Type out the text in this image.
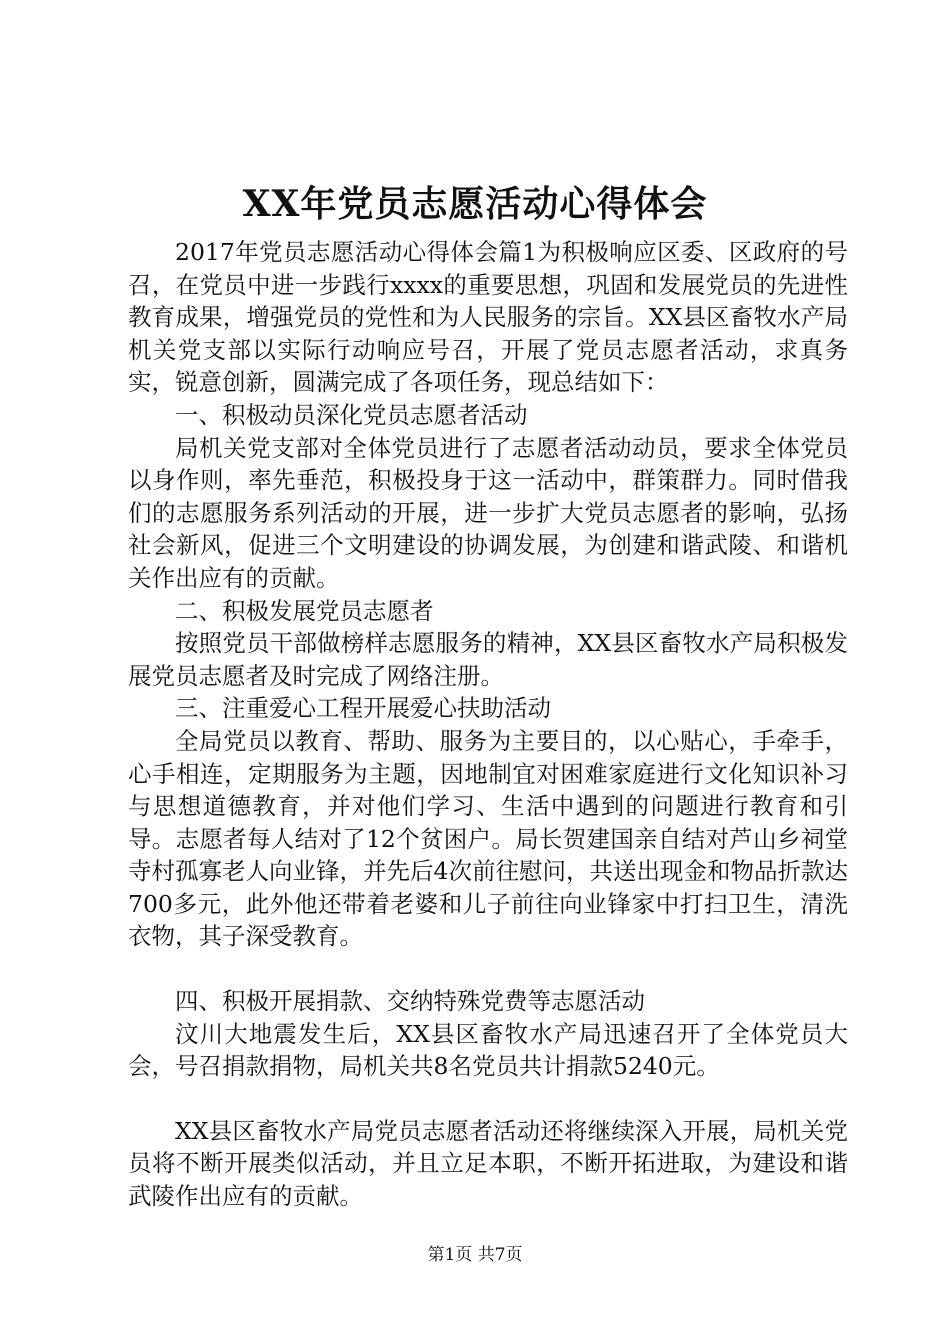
XX年党员志愿活动心得体会

2017年党员志愿活动心得体会篇1为积极响应区委、区政府的号召，在党员中进一步践行xxxx的重要思想，巩固和发展党员的先进性教育成果，增强党员的党性和为人民服务的宗旨。XX县区畜牧水产局机关党支部以实际行动响应号召，开展了党员志愿者活动，求真务实，锐意创新，圆满完成了各项任务，现总结如下：

一、积极动员深化党员志愿者活动

局机关党支部对全体党员进行了志愿者活动动员，要求全体党员以身作则，率先垂范，积极投身于这一活动中，群策群力。同时借我们的志愿服务系列活动的开展，进一步扩大党员志愿者的影响，弘扬社会新风，促进三个文明建设的协调发展，为创建和谐武陵、和谐机关作出应有的贡献。

二、积极发展党员志愿者

按照党员干部做榜样志愿服务的精神，XX县区畜牧水产局积极发展党员志愿者及时完成了网络注册。

三、注重爱心工程开展爱心扶助活动

全局党员以教育、帮助、服务为主要目的，以心贴心，手牵手，心手相连，定期服务为主题，因地制宜对困难家庭进行文化知识补习与思想道德教育，并对他们学习、生活中遇到的问题进行教育和引导。志愿者每人结对了12个贫困户。局长贺建国亲自结对芦山乡祠堂寺村孤寡老人向业锋，并先后4次前往慰问，共送出现金和物品折款达700多元，此外他还带着老婆和儿子前往向业锋家中打扫卫生，清洗衣物，其子深受教育。

四、积极开展捐款、交纳特殊党费等志愿活动

汶川大地震发生后，XX县区畜牧水产局迅速召开了全体党员大会，号召捐款捐物，局机关共8名党员共计捐款5240元。

XX县区畜牧水产局党员志愿者活动还将继续深入开展，局机关党员将不断开展类似活动，并且立足本职，不断开拓进取，为建设和谐武陵作出应有的贡献。

第1页 共7页
